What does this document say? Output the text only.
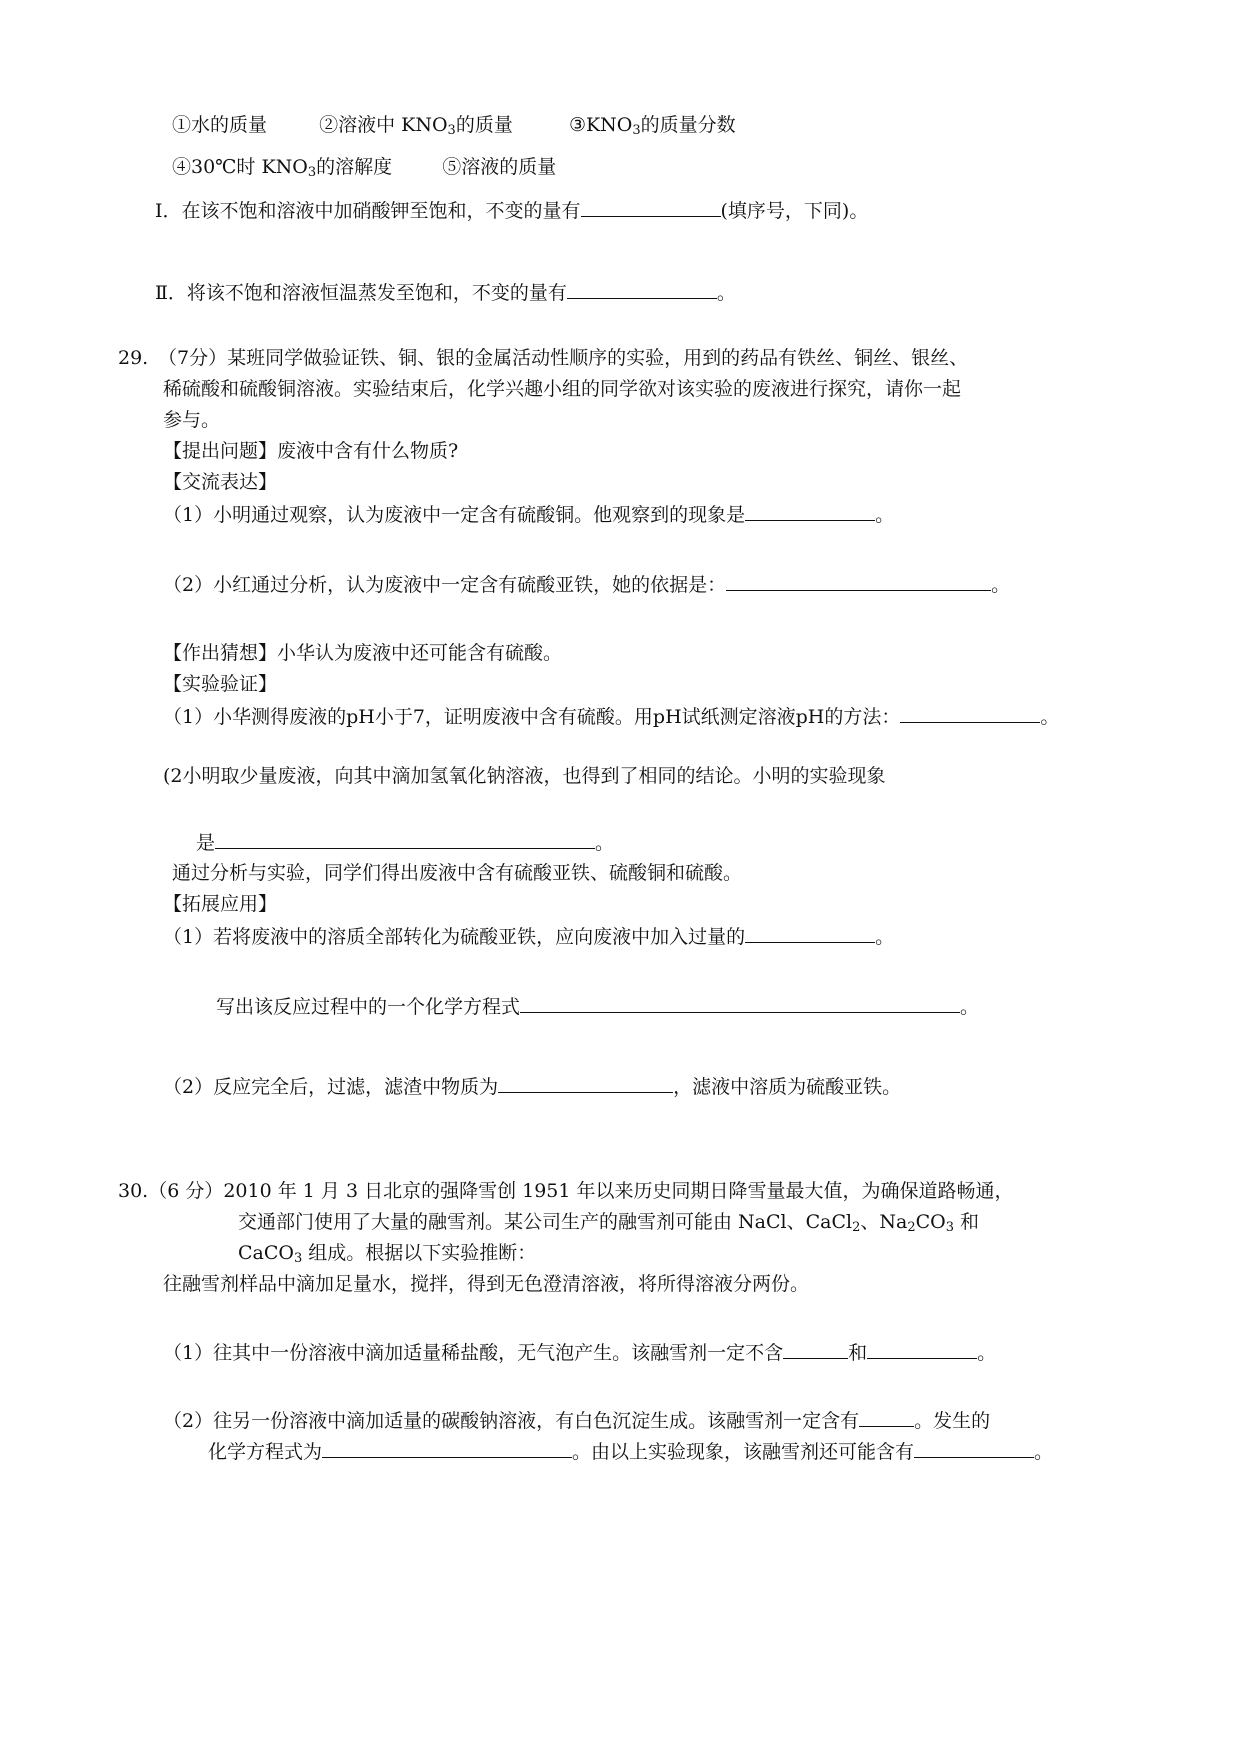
①水的质量	②溶液中 $KNO_3$的质量	$③KNO_3$的质量分数
④30℃时 $KNO_3$的溶解度	⑤溶液的质量
Ⅰ．在该不饱和溶液中加硝酸钾至饱和，不变的量有	(填序号，下同)。
Ⅱ．将该不饱和溶液恒温蒸发至饱和，不变的量有	。
29. （7分）某班同学做验证铁、铜、银的金属活动性顺序的实验，用到的药品有铁丝、铜丝、银丝、
稀硫酸和硫酸铜溶液。实验结束后，化学兴趣小组的同学欲对该实验的废液进行探究，请你一起
参与。
【提出问题】废液中含有什么物质?
【交流表达】
（1）小明通过观察，认为废液中一定含有硫酸铜。他观察到的现象是	。
（2）小红通过分析，认为废液中一定含有硫酸亚铁，她的依据是：	。
【作出猜想】小华认为废液中还可能含有硫酸。
【实验验证】
（1）小华测得废液的pH小于7，证明废液中含有硫酸。用pH试纸测定溶液pH的方法：	。
(2小明取少量废液，向其中滴加氢氧化钠溶液，也得到了相同的结论。小明的实验现象
是	。
通过分析与实验，同学们得出废液中含有硫酸亚铁、硫酸铜和硫酸。
【拓展应用】
（1）若将废液中的溶质全部转化为硫酸亚铁，应向废液中加入过量的	。
写出该反应过程中的一个化学方程式	。
（2）反应完全后，过滤，滤渣中物质为	，滤液中溶质为硫酸亚铁。
30.（6 分）2010 年 1 月 3 日北京的强降雪创 1951 年以来历史同期日降雪量最大值，为确保道路畅通，
交通部门使用了大量的融雪剂。某公司生产的融雪剂可能由 NaCl、CaCl$_2$、$Na_2CO_3$ 和
CaCO$_3$ 组成。根据以下实验推断：
往融雪剂样品中滴加足量水，搅拌，得到无色澄清溶液，将所得溶液分两份。
（1）往其中一份溶液中滴加适量稀盐酸，无气泡产生。该融雪剂一定不含	和	。
（2）往另一份溶液中滴加适量的碳酸钠溶液，有白色沉淀生成。该融雪剂一定含有	。发生的
化学方程式为	。由以上实验现象，该融雪剂还可能含有	。
